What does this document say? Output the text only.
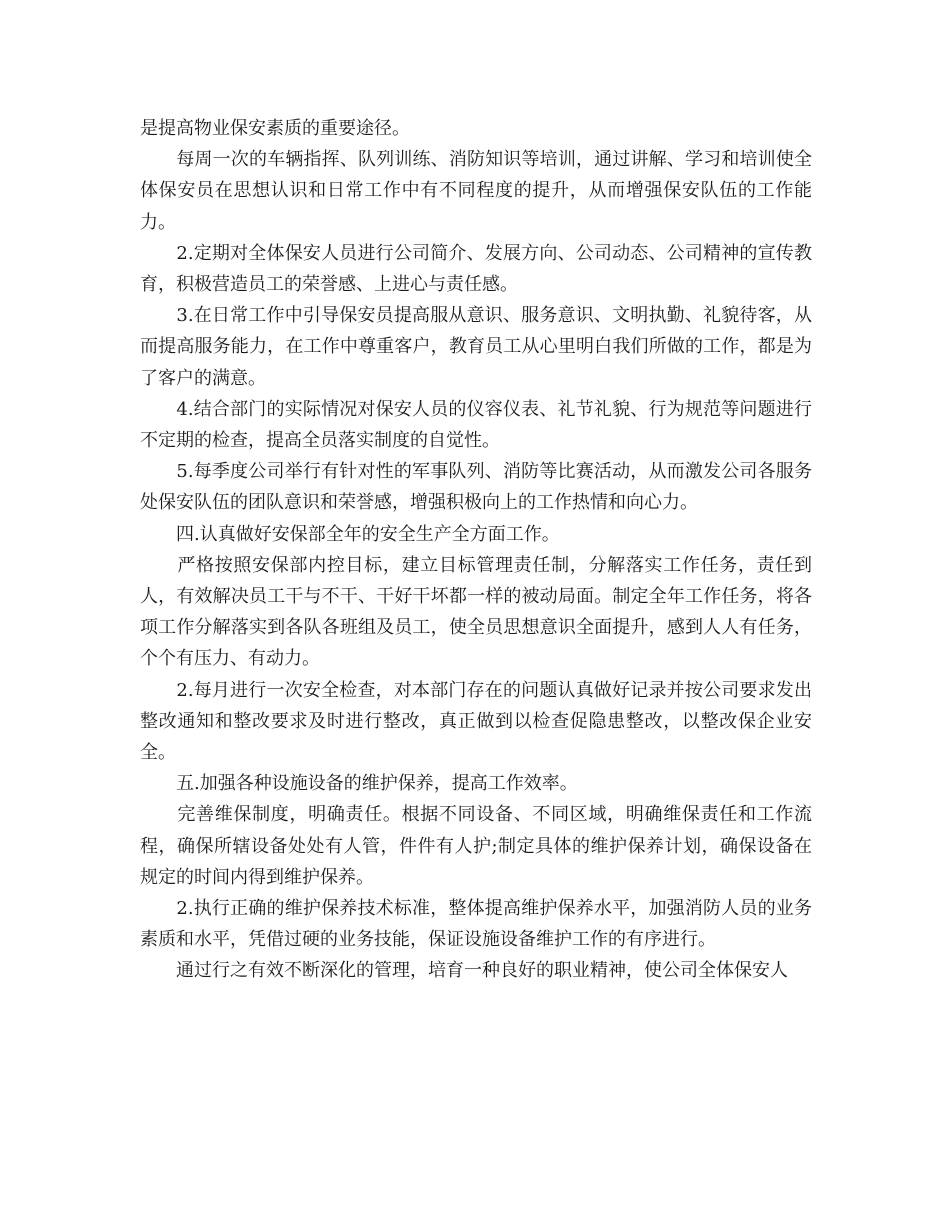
是提高物业保安素质的重要途径。

　　每周一次的车辆指挥、队列训练、消防知识等培训，通过讲解、学习和培训使全体保安员在思想认识和日常工作中有不同程度的提升，从而增强保安队伍的工作能力。

　　2.定期对全体保安人员进行公司简介、发展方向、公司动态、公司精神的宣传教育，积极营造员工的荣誉感、上进心与责任感。

　　3.在日常工作中引导保安员提高服从意识、服务意识、文明执勤、礼貌待客，从而提高服务能力，在工作中尊重客户，教育员工从心里明白我们所做的工作，都是为了客户的满意。

　　4.结合部门的实际情况对保安人员的仪容仪表、礼节礼貌、行为规范等问题进行不定期的检查，提高全员落实制度的自觉性。

　　5.每季度公司举行有针对性的军事队列、消防等比赛活动，从而激发公司各服务处保安队伍的团队意识和荣誉感，增强积极向上的工作热情和向心力。

　　四.认真做好安保部全年的安全生产全方面工作。

　　严格按照安保部内控目标，建立目标管理责任制，分解落实工作任务，责任到人，有效解决员工干与不干、干好干坏都一样的被动局面。制定全年工作任务，将各项工作分解落实到各队各班组及员工，使全员思想意识全面提升，感到人人有任务，个个有压力、有动力。

　　2.每月进行一次安全检查，对本部门存在的问题认真做好记录并按公司要求发出整改通知和整改要求及时进行整改，真正做到以检查促隐患整改，以整改保企业安全。

　　五.加强各种设施设备的维护保养，提高工作效率。

　　完善维保制度，明确责任。根据不同设备、不同区域，明确维保责任和工作流程，确保所辖设备处处有人管，件件有人护;制定具体的维护保养计划，确保设备在规定的时间内得到维护保养。

　　2.执行正确的维护保养技术标准，整体提高维护保养水平，加强消防人员的业务素质和水平，凭借过硬的业务技能，保证设施设备维护工作的有序进行。

　　通过行之有效不断深化的管理，培育一种良好的职业精神，使公司全体保安人
